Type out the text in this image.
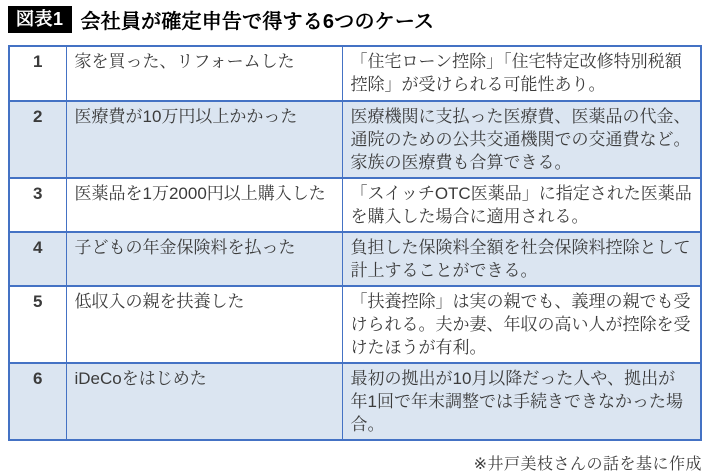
図表1 会社員が確定申告で得する6つのケース
1	家を買った、リフォームした	「住宅ローン控除」「住宅特定改修特別税額控除」が受けられる可能性あり。
2	医療費が10万円以上かかった	医療機関に支払った医療費、医薬品の代金、通院のための公共交通機関での交通費など。家族の医療費も合算できる。
3	医薬品を1万2000円以上購入した	「スイッチOTC医薬品」に指定された医薬品を購入した場合に適用される。
4	子どもの年金保険料を払った	負担した保険料全額を社会保険料控除として計上することができる。
5	低収入の親を扶養した	「扶養控除」は実の親でも、義理の親でも受けられる。夫か妻、年収の高い人が控除を受けたほうが有利。
6	iDeCoをはじめた	最初の拠出が10月以降だった人や、拠出が年1回で年末調整では手続きできなかった場合。
※井戸美枝さんの話を基に作成
